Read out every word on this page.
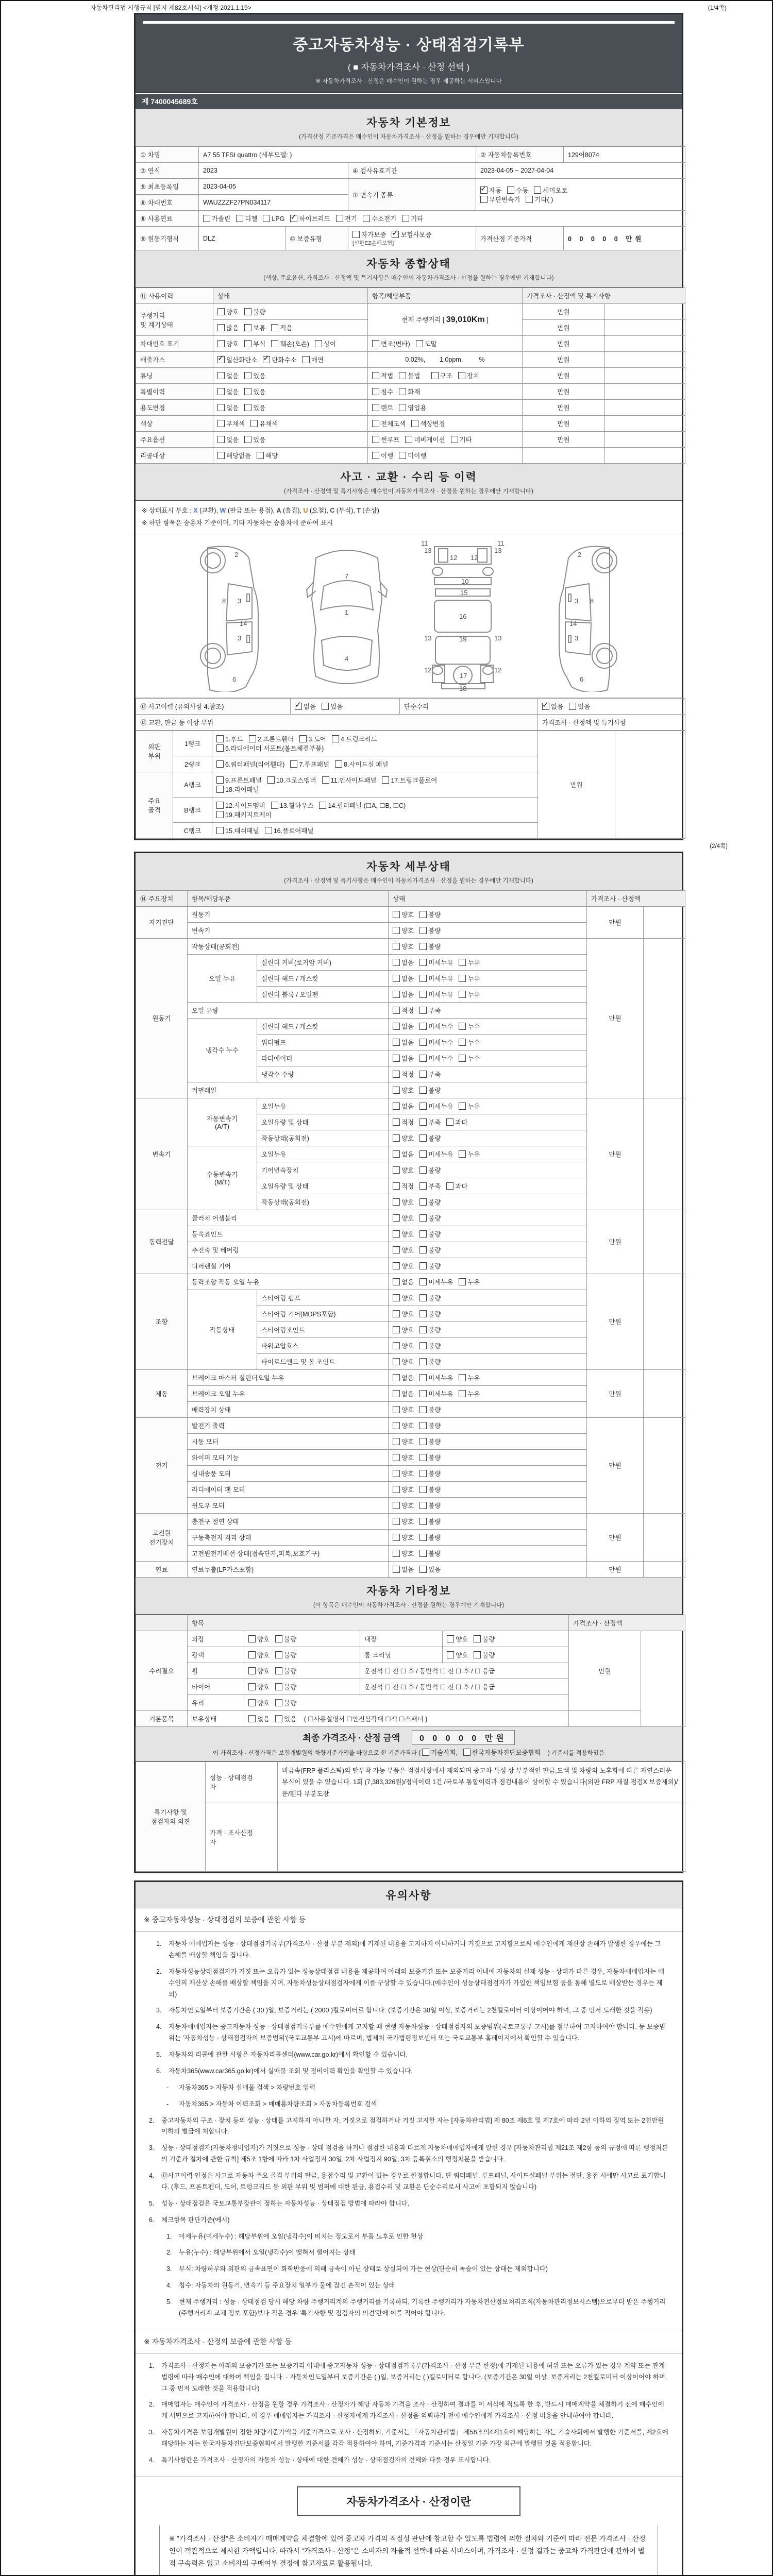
자동차관리법 시행규칙 [별지 제82호서식] <개정 2021.1.19>	(1/4쪽)
중고자동차성능 · 상태점검기록부
( ■ 자동차가격조사 · 산정 선택 )
※ 자동차가격조사 · 산정은 매수인이 원하는 경우 제공하는 서비스입니다
제 7400045689호
자동차 기본정보
(가격산정 기준가격은 매수인이 자동차가격조사 · 산정을 원하는 경우에만 기재합니다)
① 차명	A7 55 TFSI quattro (세부모델: )			② 자동차등록번호	129어8074
③ 연식	2023		④ 검사유효기간	2023-04-05 ~ 2027-04-04	
⑤ 최초등록일	2023-04-05		⑦ 변속기 종류	✓자동 수동 세미오토
무단변속기 기타( )
⑥ 차대번호	WAUZZZF27PN034117				
⑧ 사용연료	가솔린 디젤 LPG ✓ 하이브리드 전기 수소전기 기타
⑨ 원동기형식	DLZ	⑩ 보증유형	자가보증 ✓ 보험사보증[신한EZ손해보험]	가격산정 기준가격	0 0 0 0 0 만원
자동차 종합상태
(색상, 주요옵션, 가격조사 · 산정액 및 특기사항은 매수인이 자동차가격조사 · 산정을 원하는 경우에만 기재합니다)
⑪ 사용이력	상태	항목/해당부품	가격조사 · 산정액 및 특기사항	
주행거리
및 계기상태	양호 불량	현재 주행거리 [ 39,010Km ]	만원	
	많음 보통 적음		만원	
차대번호 표기	양호 부식 훼손(오손) 상이	변조(변타) 도말	만원	
배출가스	✓일산화탄소 ✓ 탄화수소 매연	0.02%,        1.0ppm,         %	만원	
튜닝	없음 있음	적법 불법 구조 장치	만원	
특별이력	없음 있음	침수 화재	만원	
용도변경	없음 있음	렌트 영업용	만원	
색상	무채색 유채색	전체도색 색상변경	만원	
주요옵션	없음 있음	썬루프 네비게이션 기타	만원	
리콜대상	해당없음 해당	이행 미이행		
사고 · 교환 · 수리 등 이력
(가격조사 · 산정액 및 특기사항은 매수인이 자동차가격조사 · 산정을 원하는 경우에만 기재합니다)
※ 상태표시 부호 : X (교환), W (판금 또는 용접), A (흠집), U (요철), C (부식), T (손상)
※ 하단 항목은 승용차 기준이며, 기타 자동차는 승용차에 준하여 표시
2
8 3
14
3
6
1
7
4
13	13
12 12
10
15
16
13	19	13
12
17
12
18
11	11
2
8
3
14
3
6
⑫ 사고이력 (유의사항 4.참조)	✓없음 있음	단순수리	✓없음 있음
⑬ 교환, 판금 등 이상 부위			가격조사 · 산정액 및 특기사항
외판
부위	1랭크	1.후드 2.프론트휀더 3.도어 4.트렁크리드
5.라디에이터 서포트(볼트체결부품)	만원	
	2랭크	6.쿼터패널(리어휀다) 7.루프패널 8.사이드실 패널		
주요
골격	A랭크	9.프론트패널 10.크로스멤버 11.인사이드패널 17.트렁크플로어
18.리어패널		
	B랭크	12.사이드멤버 13.휠하우스 14.필러패널 (☐A, ☐B, ☐C)
19.패키지트레이		
	C랭크	15.대쉬패널 16.플로어패널		
(2/4쪽)
자동차 세부상태
(가격조사 · 산정액 및 특기사항은 매수인이 자동차가격조사 · 산정을 원하는 경우에만 기재합니다)
⑭ 주요장치	항목/해당부품		상태	가격조사 · 산정액	
자기진단	원동기		양호 불량	만원	
	변속기		양호 불량		
원동기	작동상태(공회전)		양호 불량	만원	
	오일 누유	실린더 커버(로커암 커버)	없음 미세누유 누유		
		실린더 헤드 / 개스킷	없음 미세누유 누유		
		실린더 블록 / 오일팬	없음 미세누유 누유		
	오일 유량		적정 부족		
	냉각수 누수	실린더 헤드 / 개스킷	없음 미세누수 누수		
		워터펌프	없음 미세누수 누수		
		라디에이터	없음 미세누수 누수		
		냉각수 수량	적정 부족		
	커먼레일		양호 불량		
변속기	자동변속기
(A/T)	오일누유	없음 미세누유 누유	만원	
		오일유량 및 상태	적정 부족 과다		
		작동상태(공회전)	양호 불량		
	수동변속기
(M/T)	오일누유	없음 미세누유 누유		
		기어변속장치	양호 불량		
		오일유량 및 상태	적정 부족 과다		
		작동상태(공회전)	양호 불량		
동력전달	클러치 어셈블리		양호 불량	만원	
	등속죠인트		양호 불량		
	추진축 및 베어링		양호 불량		
	디퍼렌셜 기어		양호 불량		
조향	동력조향 작동 오일 누유		없음 미세누유 누유	만원	
	작동상태	스티어링 펌프	양호 불량		
		스티어링 기어(MDPS포함)	양호 불량		
		스티어링조인트	양호 불량		
		파워고압호스	양호 불량		
		타이로드엔드 및 볼 조인트	양호 불량		
제동	브레이크 마스터 실린더오일 누유		없음 미세누유 누유	만원	
	브레이크 오일 누유		없음 미세누유 누유		
	배력장치 상태		양호 불량		
전기	발전기 출력		양호 불량	만원	
	시동 모터		양호 불량		
	와이퍼 모터 기능		양호 불량		
	실내송풍 모터		양호 불량		
	라디에이터 팬 모터		양호 불량		
	윈도우 모터		양호 불량		
고전원
전기장치	충전구 절연 상태		양호 불량	만원	
	구동축전지 격리 상태		양호 불량		
	고전원전기배선 상태(접속단자,피복,보호기구)		양호 불량		
연료	연료누출(LP가스포함)		없음 있음	만원	
자동차 기타정보
(이 항목은 매수인이 자동차가격조사 · 산정을 원하는 경우에만 기재합니다)
	항목				가격조사 · 산정액	
수리필요	외장	양호 불량	내장	양호 불량	만원	
	광택	양호 불량	룸 크리닝	양호 불량		
	휠	양호 불량	운전석 ☐ 전 ☐ 후 / 동반석 ☐ 전 ☐ 후 / ☐ 응급			
	타이어	양호 불량	운전석 ☐ 전 ☐ 후 / 동반석 ☐ 전 ☐ 후 / ☐ 응급			
	유리	양호 불량				
기본품목	보유상태	없음 있음 ( ☐사용설명서 ☐안전삼각대 ☐잭 ☐스패너 )				
최종 가격조사 · 산정 금액 0 0 0 0 0 만원
이 가격조사 · 산정가격은 보험개발원의 차량기준가액을 바탕으로 한 기준가격과 ( 기술사회, 한국자동차진단보증협회 ) 기준서를 적용하였음
특기사항 및
점검자의 의견	성능 · 상태점검
자	비금속(FRP 플라스틱)의 탈부착 가능 부품은 점검사항에서 제외되며 중고차 특성 상 부분적인 판금,도색 및 차량의 노후화에 따른 자연스러운 부식이 있을 수 있습니다. 1회 (7,383,326원)/정비이력 1건 /국토부 통합이력과 점검내용이 상이할 수 있습니다(외판 FRP 재질 점검X 보증제외)/운/휀다 부분도장
	가격 · 조사산정
자	
유의사항
※ 중고자동차성능 · 상태점검의 보증에 관한 사항 등
1.	자동차 매매업자는 성능 · 상태점검기록부(가격조사 · 산정 부분 제외)에 기재된 내용을 고지하지 아니하거나 거짓으로 고지함으로써 매수인에게 재산상 손해가 발생한 경우에는 그 손해를 배상할 책임을 집니다.
2.	자동차성능상태점검자가 거짓 또는 오류가 있는 성능상태점검 내용을 제공하여 아래의 보증기간 또는 보증거리 이내에 자동차의 실제 성능 · 상태가 다른 경우, 자동차매매업자는 매수인의 재산상 손해를 배상할 책임을 지며, 자동차성능상태점검자에게 이를 구상할 수 있습니다.(매수인이 성능상태점검자가 가입한 책임보험 등을 통해 별도로 배상받는 경우는 제외)
3.	자동차인도일부터 보증기간은 ( 30 )일, 보증거리는 ( 2000 )킬로미터로 합니다. (보증기간은 30일 이상, 보증거리는 2천킬로미터 이상이어야 하며, 그 중 먼저 도래한 것을 적용)
4.	자동차매매업자는 중고자동차 성능 · 상태점검기록부를 매수인에게 고지할 때 현행 자동차성능 · 상태점검자의 보증범위(국토교통부 고시)를 첨부하여 고지하여야 합니다. 동 보증범위는 '자동차성능 · 상태점검자의 보증범위'(국토교통부 고시)에 따르며, 법제처 국가법령정보센터 또는 국토교통부 홈페이지에서 확인할 수 있습니다.
5.	자동차의 리콜에 관한 사항은 자동차리콜센터(www.car.go.kr)에서 확인할 수 있습니다.
6.	자동차365(www.car365.go.kr)에서 실매물 조회 및 정비이력 확인을 확인할 수 있습니다.
-	자동차365 > 자동차 실매물 검색 > 차량번호 입력
-	자동차365 > 자동차 이력조회 > 매매용차량조회 > 자동차등록번호 검색
2.	중고자동차의 구조 · 장치 등의 성능 · 상태를 고지하지 아니한 자, 거짓으로 점검하거나 거짓 고지한 자는 [자동차관리법] 제 80조 제6호 및 제7호에 따라 2년 이하의 징역 또는 2천만원 이하의 벌금에 처합니다.
3.	성능 · 상태점검자(자동차정비업자)가 거짓으로 성능 · 상태 점검을 하거나 점검한 내용과 다르게 자동차매매업자에게 알린 경우 [자동차관리법 제21조 제2항 등의 규정에 따른 행정처분의 기준과 절차에 관한 규칙] 제5조 1항에 따라 1차 사업정지 30일, 2차 사업정지 90일, 3차 등록취소의 행정처분을 받습니다.
4.	⑫사고이력 인정은 사고로 자동차 주요 골격 부위의 판금, 용접수리 및 교환이 있는 경우로 한정합니다. 단 쿼터패널, 루프패널, 사이드실패널 부위는 절단, 용접 시에만 사고로 표기합니다. (후드, 프론트펜더, 도어, 트렁크리드 등 외판 부위 및 범퍼에 대한 판금, 용접수리 및 교환은 단순수리로서 사고에 포함되지 않습니다)
5.	성능 · 상태점검은 국토교통부장관이 정하는 자동차성능 · 상태점검 방법에 따라야 합니다.
6.	체크항목 판단기준(예시)
1.	미세누유(미세누수) : 해당부위에 오일(냉각수)이 비치는 정도로서 부품 노후로 인한 현상
2.	누유(누수) : 해당부위에서 오일(냉각수)이 맺혀서 떨어지는 상태
3.	부식: 차량하부와 외판의 금속표면이 화학반응에 의해 금속이 아닌 상태로 상실되어 가는 현상(단순히 녹슬어 있는 상태는 제외합니다)
4.	침수: 자동차의 원동기, 변속기 등 주요장치 일부가 물에 잠긴 흔적이 있는 상태
5.	현재 주행거리 : 성능 · 상태점검 당시 해당 차량 주행거리계의 주행거리를 기록하되, 기록한 주행거리가 자동차전산정보처리조직(자동차관리정보시스템)으로부터 받은 주행거리(주행거리계 교체 정보 포함)보다 적은 경우 '특기사항 및 점검자의 의견'란에 이를 적어야 합니다.
※ 자동차가격조사 · 산정의 보증에 관한 사항 등
1.	가격조사 · 산정자는 아래의 보증기간 또는 보증거리 이내에 중고자동차 성능 · 상태점검기록부(가격조사 · 산정 부분 한정)에 기재된 내용에 허위 또는 오류가 있는 경우 계약 또는 관계법령에 따라 매수인에 대하여 책임을 집니다. · 자동차인도일부터 보증기간은 ( )일, 보증거리는 ( )킬로미터로 합니다. (보증기간은 30일 이상, 보증거리는 2천킬로미터 이상이어야 하며, 그 중 먼저 도래한 것을 적용합니다)
2.	매매업자는 매수인이 가격조사 · 산정을 원할 경우 가격조사 · 산정자가 해당 자동차 가격을 조사 · 산정하여 결과를 이 서식에 적도록 한 후, 반드시 매매계약을 체결하기 전에 매수인에게 서면으로 고지하여야 합니다. 이 경우 매매업자는 가격조사 · 산정자에게 가격조사 · 산정을 의뢰하기 전에 매수인에게 가격조사 · 산정 비용을 안내하여야 합니다.
3.	자동차가격은 보험개발원이 정한 차량기준가액을 기준가격으로 조사 · 산정하되, 기준서는 「자동차관리법」 제58조의4제1호에 해당하는 자는 기술사회에서 발행한 기준서를, 제2호에 해당하는 자는 한국자동차진단보증협회에서 발행한 기준서를 각각 적용하여야 하며, 기준가격과 기준서는 산정일 기준 가장 최근에 발행된 것을 적용합니다.
4.	특기사항란은 가격조사 · 산정자의 자동차 성능 · 상태에 대한 견해가 성능 · 상태점검자의 견해와 다를 경우 표시합니다.
자동차가격조사 · 산정이란
※ "가격조사 · 산정"은 소비자가 매매계약을 체결함에 있어 중고차 가격의 적절성 판단에 참고할 수 있도록 법령에 의한 절차와 기준에 따라 전문 가격조사 · 산정인이 객관적으로 제시한 가액입니다. 따라서 "가격조사 · 산정"은 소비자의 자율적 선택에 따른 서비스이며, 가격조사 · 산정 결과는 중고차 가격판단에 관하여 법적 구속력은 없고 소비자의 구매여부 결정에 참고자료로 활용됩니다.
